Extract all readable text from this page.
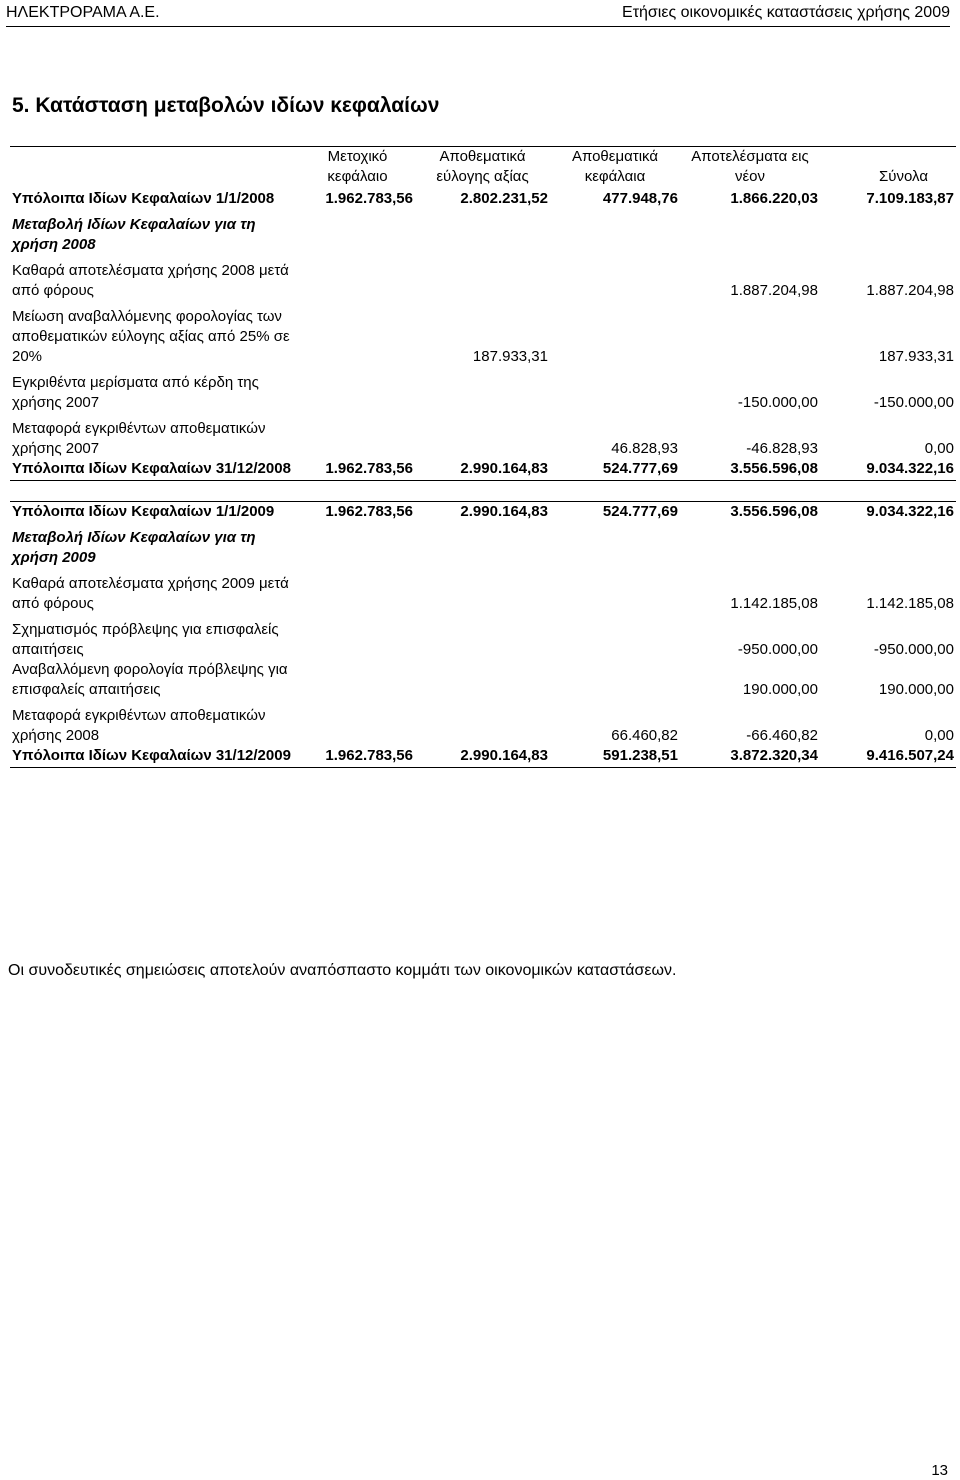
ΗΛΕΚΤΡΟΡΑΜΑ Α.Ε.	Ετήσιες οικονομικές καταστάσεις χρήσης 2009
5. Κατάσταση μεταβολών ιδίων κεφαλαίων
	Μετοχικό κεφάλαιο	Αποθεματικά εύλογης αξίας	Αποθεματικά κεφάλαια	Αποτελέσματα εις νέον	Σύνολα
Υπόλοιπα Ιδίων Κεφαλαίων 1/1/2008	1.962.783,56	2.802.231,52	477.948,76	1.866.220,03	7.109.183,87
Μεταβολή Ιδίων Κεφαλαίων για τη χρήση 2008					
Καθαρά αποτελέσματα χρήσης 2008 μετά από φόρους				1.887.204,98	1.887.204,98
Μείωση αναβαλλόμενης φορολογίας των αποθεματικών εύλογης αξίας από 25% σε 20%		187.933,31			187.933,31
Εγκριθέντα μερίσματα από κέρδη της χρήσης 2007				-150.000,00	-150.000,00
Μεταφορά εγκριθέντων αποθεματικών χρήσης 2007			46.828,93	-46.828,93	0,00
Υπόλοιπα Ιδίων Κεφαλαίων 31/12/2008	1.962.783,56	2.990.164,83	524.777,69	3.556.596,08	9.034.322,16

Υπόλοιπα Ιδίων Κεφαλαίων 1/1/2009	1.962.783,56	2.990.164,83	524.777,69	3.556.596,08	9.034.322,16
Μεταβολή Ιδίων Κεφαλαίων για τη χρήση 2009					
Καθαρά αποτελέσματα χρήσης 2009 μετά από φόρους				1.142.185,08	1.142.185,08
Σχηματισμός πρόβλεψης για επισφαλείς απαιτήσεις				-950.000,00	-950.000,00
Αναβαλλόμενη φορολογία πρόβλεψης για επισφαλείς απαιτήσεις				190.000,00	190.000,00
Μεταφορά εγκριθέντων αποθεματικών χρήσης 2008			66.460,82	-66.460,82	0,00
Υπόλοιπα Ιδίων Κεφαλαίων 31/12/2009	1.962.783,56	2.990.164,83	591.238,51	3.872.320,34	9.416.507,24
Οι συνοδευτικές σημειώσεις αποτελούν αναπόσπαστο κομμάτι των οικονομικών καταστάσεων.
13
